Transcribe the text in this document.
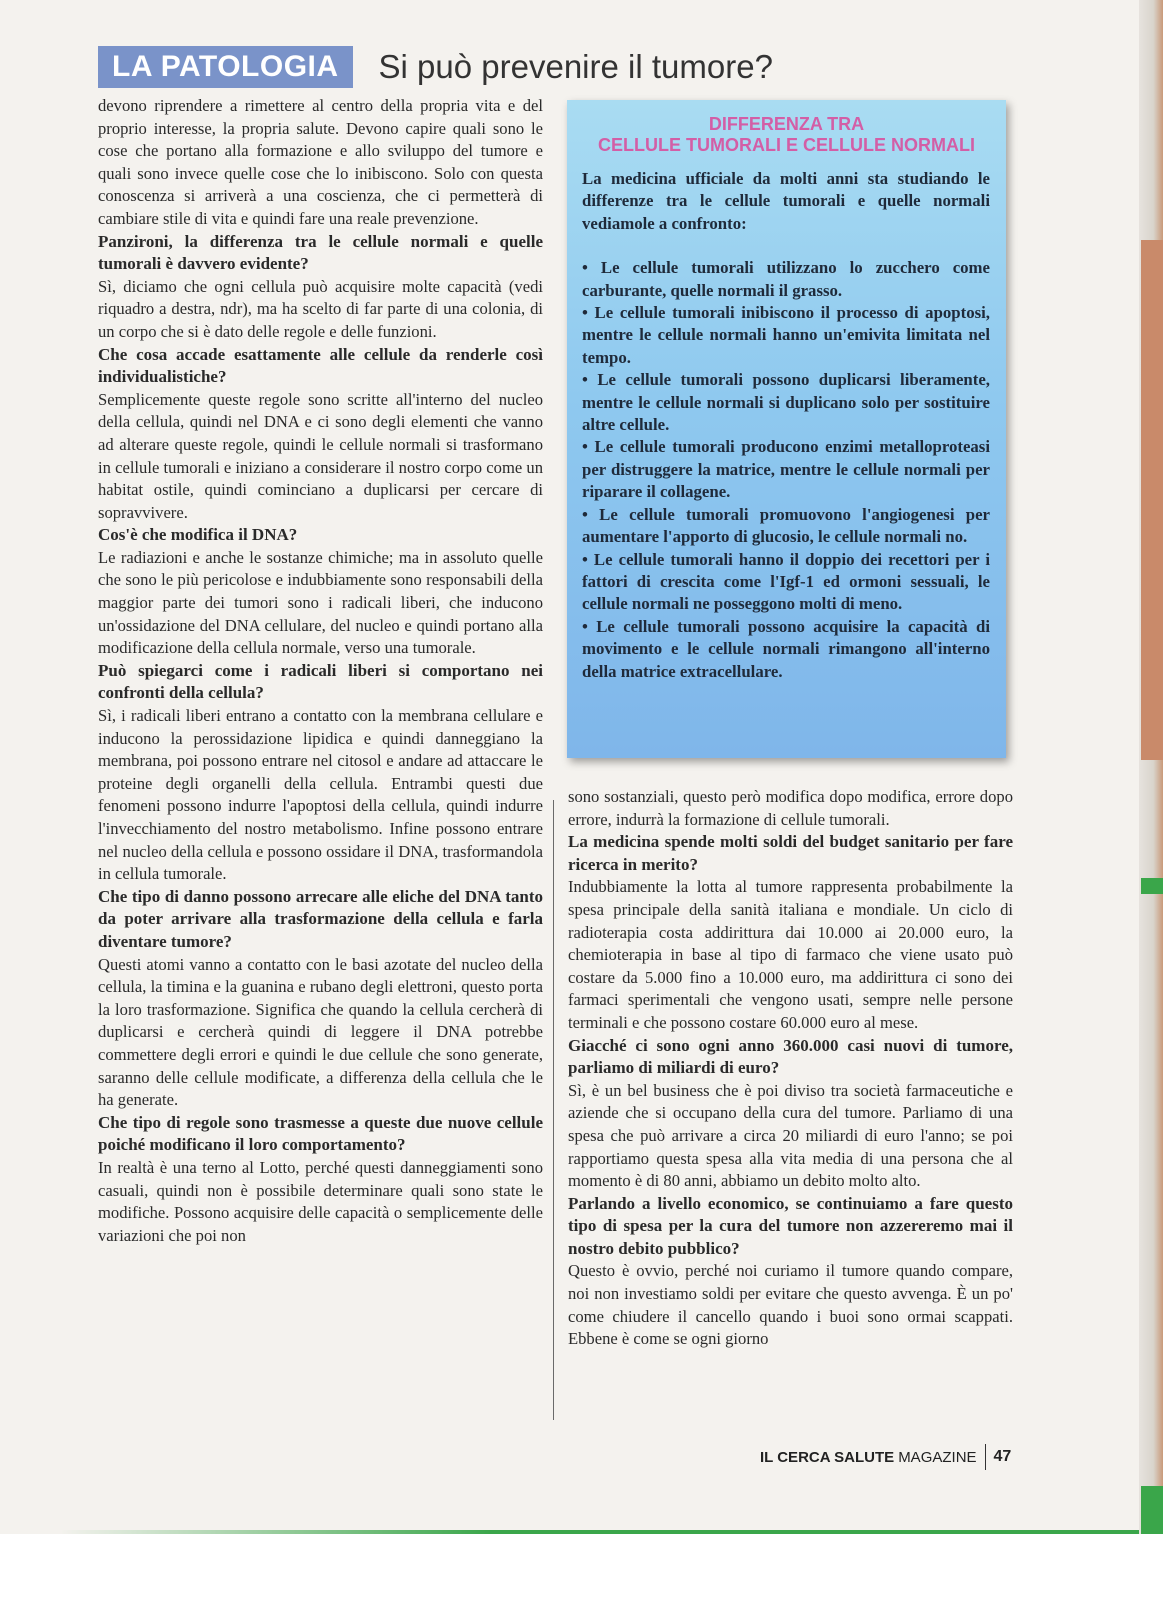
LA PATOLOGIA	Si può prevenire il tumore?

devono riprendere a rimettere al centro della propria vita e del proprio interesse, la propria salute. Devono capire quali sono le cose che portano alla formazione e allo sviluppo del tumore e quali sono invece quelle cose che lo inibiscono. Solo con questa conoscenza si arriverà a una coscienza, che ci permetterà di cambiare stile di vita e quindi fare una reale prevenzione.

Panzironi, la differenza tra le cellule normali e quelle tumorali è davvero evidente?

Sì, diciamo che ogni cellula può acquisire molte capacità (vedi riquadro a destra, ndr), ma ha scelto di far parte di una colonia, di un corpo che si è dato delle regole e delle funzioni.

Che cosa accade esattamente alle cellule da renderle così individualistiche?

Semplicemente queste regole sono scritte all'interno del nucleo della cellula, quindi nel DNA e ci sono degli elementi che vanno ad alterare queste regole, quindi le cellule normali si trasformano in cellule tumorali e iniziano a considerare il nostro corpo come un habitat ostile, quindi cominciano a duplicarsi per cercare di sopravvivere.

Cos'è che modifica il DNA?

Le radiazioni e anche le sostanze chimiche; ma in assoluto quelle che sono le più pericolose e indubbiamente sono responsabili della maggior parte dei tumori sono i radicali liberi, che inducono un'ossidazione del DNA cellulare, del nucleo e quindi portano alla modificazione della cellula normale, verso una tumorale.

Può spiegarci come i radicali liberi si comportano nei confronti della cellula?

Sì, i radicali liberi entrano a contatto con la membrana cellulare e inducono la perossidazione lipidica e quindi danneggiano la membrana, poi possono entrare nel citosol e andare ad attaccare le proteine degli organelli della cellula. Entrambi questi due fenomeni possono indurre l'apoptosi della cellula, quindi indurre l'invecchiamento del nostro metabolismo. Infine possono entrare nel nucleo della cellula e possono ossidare il DNA, trasformandola in cellula tumorale.

Che tipo di danno possono arrecare alle eliche del DNA tanto da poter arrivare alla trasformazione della cellula e farla diventare tumore?

Questi atomi vanno a contatto con le basi azotate del nucleo della cellula, la timina e la guanina e rubano degli elettroni, questo porta la loro trasformazione. Significa che quando la cellula cercherà di duplicarsi e cercherà quindi di leggere il DNA potrebbe commettere degli errori e quindi le due cellule che sono generate, saranno delle cellule modificate, a differenza della cellula che le ha generate.

Che tipo di regole sono trasmesse a queste due nuove cellule poiché modificano il loro comportamento?

In realtà è una terno al Lotto, perché questi danneggiamenti sono casuali, quindi non è possibile determinare quali sono state le modifiche. Possono acquisire delle capacità o semplicemente delle variazioni che poi non

DIFFERENZA TRA
CELLULE TUMORALI E CELLULE NORMALI

La medicina ufficiale da molti anni sta studiando le differenze tra le cellule tumorali e quelle normali vediamole a confronto:

• Le cellule tumorali utilizzano lo zucchero come carburante, quelle normali il grasso.

• Le cellule tumorali inibiscono il processo di apoptosi, mentre le cellule normali hanno un'emivita limitata nel tempo.

• Le cellule tumorali possono duplicarsi liberamente, mentre le cellule normali si duplicano solo per sostituire altre cellule.

• Le cellule tumorali producono enzimi metalloproteasi per distruggere la matrice, mentre le cellule normali per riparare il collagene.

• Le cellule tumorali promuovono l'angiogenesi per aumentare l'apporto di glucosio, le cellule normali no.

• Le cellule tumorali hanno il doppio dei recettori per i fattori di crescita come l'Igf-1 ed ormoni sessuali, le cellule normali ne posseggono molti di meno.

• Le cellule tumorali possono acquisire la capacità di movimento e le cellule normali rimangono all'interno della matrice extracellulare.

sono sostanziali, questo però modifica dopo modifica, errore dopo errore, indurrà la formazione di cellule tumorali.

La medicina spende molti soldi del budget sanitario per fare ricerca in merito?

Indubbiamente la lotta al tumore rappresenta probabilmente la spesa principale della sanità italiana e mondiale. Un ciclo di radioterapia costa addirittura dai 10.000 ai 20.000 euro, la chemioterapia in base al tipo di farmaco che viene usato può costare da 5.000 fino a 10.000 euro, ma addirittura ci sono dei farmaci sperimentali che vengono usati, sempre nelle persone terminali e che possono costare 60.000 euro al mese.

Giacché ci sono ogni anno 360.000 casi nuovi di tumore, parliamo di miliardi di euro?

Sì, è un bel business che è poi diviso tra società farmaceutiche e aziende che si occupano della cura del tumore. Parliamo di una spesa che può arrivare a circa 20 miliardi di euro l'anno; se poi rapportiamo questa spesa alla vita media di una persona che al momento è di 80 anni, abbiamo un debito molto alto.

Parlando a livello economico, se continuiamo a fare questo tipo di spesa per la cura del tumore non azzereremo mai il nostro debito pubblico?

Questo è ovvio, perché noi curiamo il tumore quando compare, noi non investiamo soldi per evitare che questo avvenga. È un po' come chiudere il cancello quando i buoi sono ormai scappati. Ebbene è come se ogni giorno

IL CERCA SALUTE MAGAZINE 47
